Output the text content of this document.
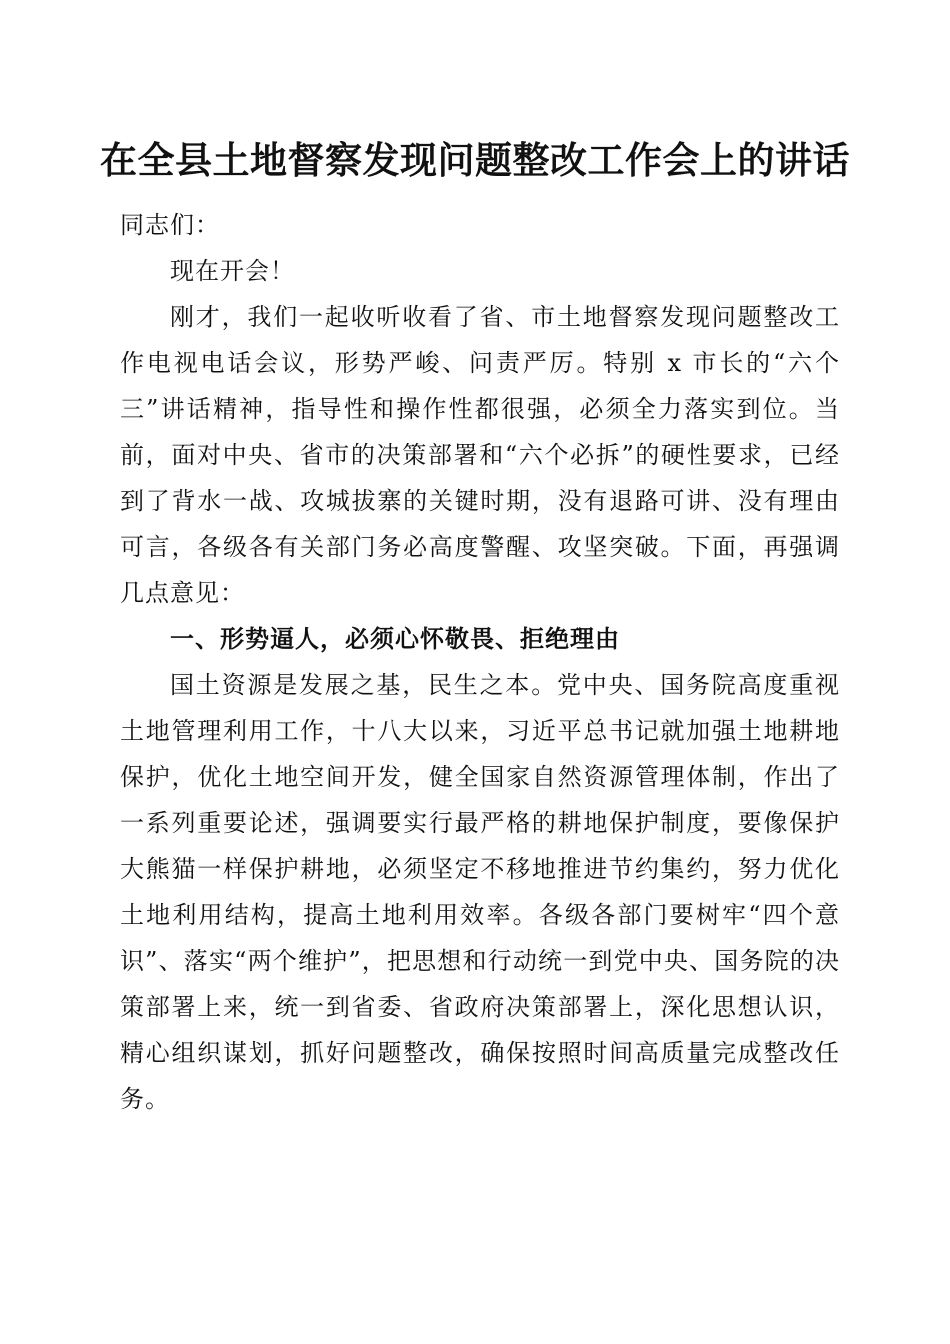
在全县土地督察发现问题整改工作会上的讲话

同志们：

现在开会！

刚才，我们一起收听收看了省、市土地督察发现问题整改工作电视电话会议，形势严峻、问责严厉。特别 x 市长的“六个三”讲话精神，指导性和操作性都很强，必须全力落实到位。当前，面对中央、省市的决策部署和“六个必拆”的硬性要求，已经到了背水一战、攻城拔寨的关键时期，没有退路可讲、没有理由可言，各级各有关部门务必高度警醒、攻坚突破。下面，再强调几点意见：

一、形势逼人，必须心怀敬畏、拒绝理由

国土资源是发展之基，民生之本。党中央、国务院高度重视土地管理利用工作，十八大以来，习近平总书记就加强土地耕地保护，优化土地空间开发，健全国家自然资源管理体制，作出了一系列重要论述，强调要实行最严格的耕地保护制度，要像保护大熊猫一样保护耕地，必须坚定不移地推进节约集约，努力优化土地利用结构，提高土地利用效率。各级各部门要树牢“四个意识”、落实“两个维护”，把思想和行动统一到党中央、国务院的决策部署上来，统一到省委、省政府决策部署上，深化思想认识，精心组织谋划，抓好问题整改，确保按照时间高质量完成整改任务。
